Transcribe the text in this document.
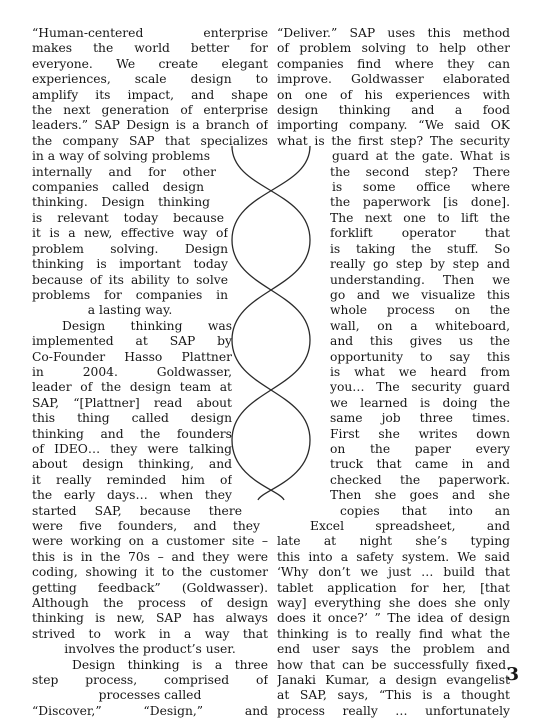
“Human-centered enterprise
makes the world better for
everyone. We create elegant
experiences, scale design to
amplify its impact, and shape
the next generation of enterprise
leaders.” SAP Design is a branch of
the company SAP that specializes
in a way of solving problems
internally and for other
companies called design
thinking. Design thinking
is relevant today because
it is a new, effective way of
problem solving. Design
thinking is important today
because of its ability to solve
problems for companies in
a lasting way.
Design thinking was
implemented at SAP by
Co-Founder Hasso Plattner
in 2004. Goldwasser,
leader of the design team at
SAP, “[Plattner] read about
this thing called design
thinking and the founders
of IDEO… they were talking
about design thinking, and
it really reminded him of
the early days… when they
started SAP, because there
were five founders, and they
were working on a customer site –
this is in the 70s – and they were
coding, showing it to the customer
getting feedback” (Goldwasser).
Although the process of design
thinking is new, SAP has always
strived to work in a way that
involves the product’s user.
Design thinking is a three
step process, comprised of
processes called
“Discover,” “Design,” and
“Deliver.” SAP uses this method
of problem solving to help other
companies find where they can
improve. Goldwasser elaborated
on one of his experiences with
design thinking and a food
importing company. “We said OK
what is the first step? The security
guard at the gate. What is
the second step? There
is some office where
the paperwork [is done].
The next one to lift the
forklift operator that
is taking the stuff. So
really go step by step and
understanding. Then we
go and we visualize this
whole process on the
wall, on a whiteboard,
and this gives us the
opportunity to say this
is what we heard from
you… The security guard
we learned is doing the
same job three times.
First she writes down
on the paper every
truck that came in and
checked the paperwork.
Then she goes and she
copies that into an
Excel spreadsheet, and
late at night she’s typing
this into a safety system. We said
‘Why don’t we just … build that
tablet application for her, [that
way] everything she does she only
does it once?’ ” The idea of design
thinking is to really find what the
end user says the problem and
how that can be successfully fixed.
Janaki Kumar, a design evangelist
at SAP, says, “This is a thought
process really … unfortunately
3
